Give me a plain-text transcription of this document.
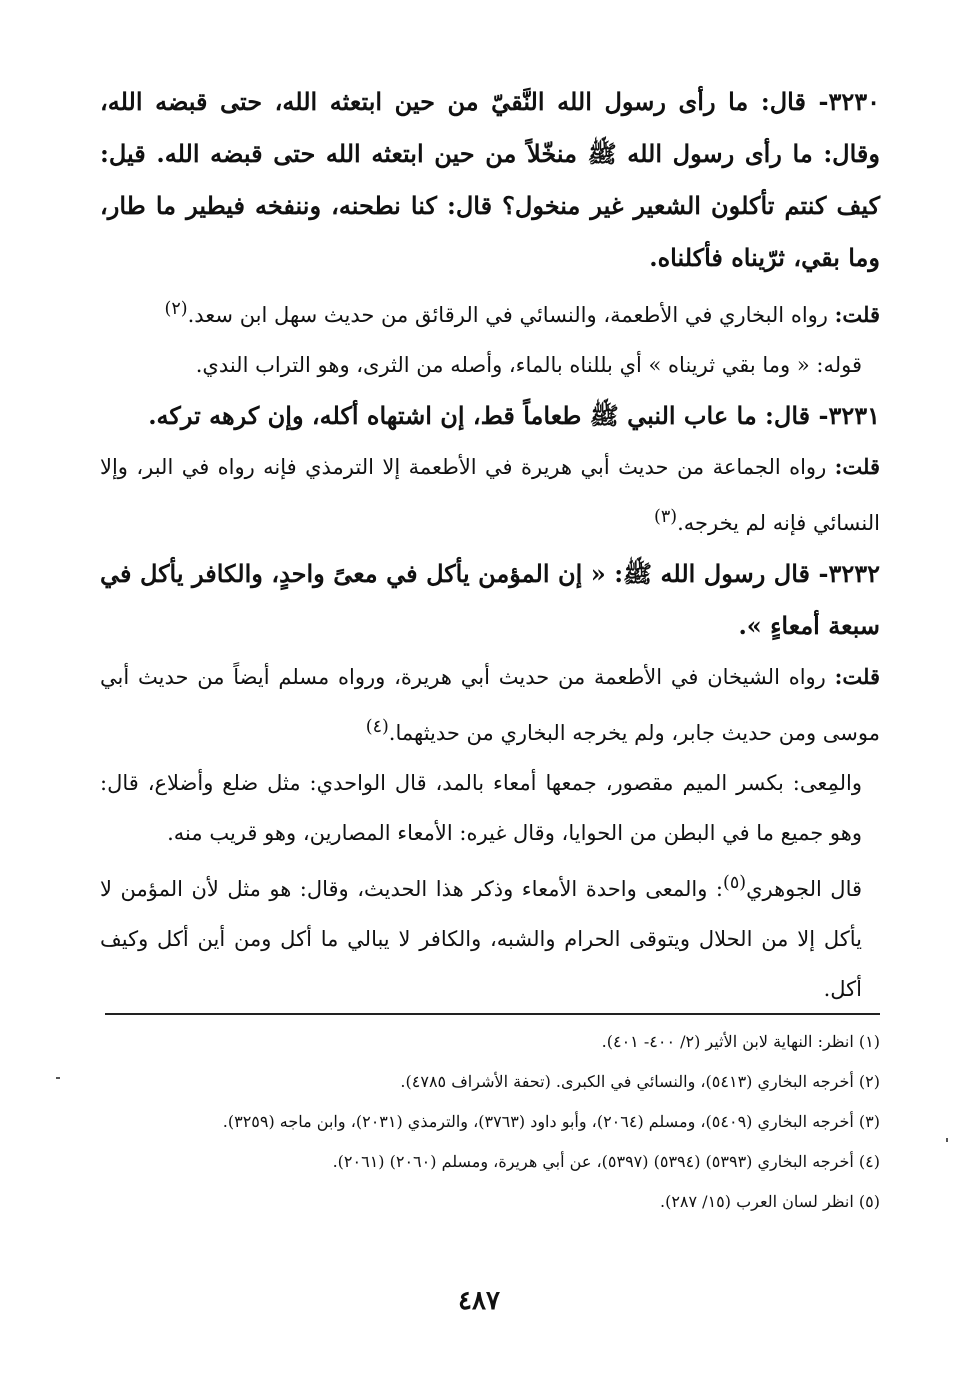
٣٢٣٠- قال: ما رأى رسول الله النَّقيّ من حين ابتعثه الله، حتى قبضه الله، وقال: ما رأى رسول الله ﷺ منخّلاً من حين ابتعثه الله حتى قبضه الله. قيل: كيف كنتم تأكلون الشعير غير منخول؟ قال: كنا نطحنه، وننفخه فيطير ما طار، وما بقي، ثرّيناه فأكلناه.

قلت: رواه البخاري في الأطعمة، والنسائي في الرقائق من حديث سهل ابن سعد.$^{(٢)}$

قوله: « وما بقي ثريناه » أي بللناه بالماء، وأصله من الثرى، وهو التراب الندي.

٣٢٣١- قال: ما عاب النبي ﷺ طعاماً قط، إن اشتهاه أكله، وإن كرهه تركه.

قلت: رواه الجماعة من حديث أبي هريرة في الأطعمة إلا الترمذي فإنه رواه في البر، وإلا النسائي فإنه لم يخرجه.$^{(٣)}$

٣٢٣٢- قال رسول الله ﷺ: « إن المؤمن يأكل في معىً واحدٍ، والكافر يأكل في سبعة أمعاءٍ ».

قلت: رواه الشيخان في الأطعمة من حديث أبي هريرة، ورواه مسلم أيضاً من حديث أبي موسى ومن حديث جابر، ولم يخرجه البخاري من حديثهما.$^{(٤)}$

والمِعى: بكسر الميم مقصور، جمعها أمعاء بالمد، قال الواحدي: مثل ضلع وأضلاع، قال: وهو جميع ما في البطن من الحوايا، وقال غيره: الأمعاء المصارين، وهو قريب منه.

قال الجوهري$^{(٥)}$: والمعى واحدة الأمعاء وذكر هذا الحديث، وقال: هو مثل لأن المؤمن لا يأكل إلا من الحلال ويتوقى الحرام والشبه، والكافر لا يبالي ما أكل ومن أين أكل وكيف أكل.

(١) انظر: النهاية لابن الأثير (٢/ ٤٠٠- ٤٠١).

(٢) أخرجه البخاري (٥٤١٣)، والنسائي في الكبرى. (تحفة الأشراف ٤٧٨٥).

(٣) أخرجه البخاري (٥٤٠٩)، ومسلم (٢٠٦٤)، وأبو داود (٣٧٦٣)، والترمذي (٢٠٣١)، وابن ماجه (٣٢٥٩).

(٤) أخرجه البخاري (٥٣٩٣) (٥٣٩٤) (٥٣٩٧)، عن أبي هريرة، ومسلم (٢٠٦٠) (٢٠٦١).

(٥) انظر لسان العرب (١٥/ ٢٨٧).

٤٨٧
